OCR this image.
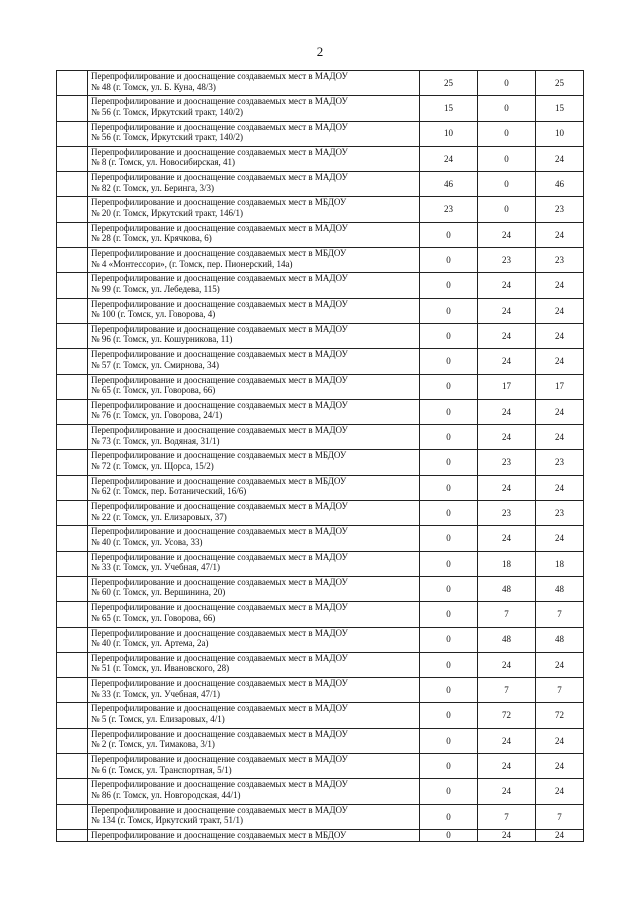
2

	Перепрофилирование и дооснащение создаваемых мест в МАДОУ
№ 48 (г. Томск, ул. Б. Куна, 48/3)	25	0	25

	Перепрофилирование и дооснащение создаваемых мест в МАДОУ
№ 56 (г. Томск, Иркутский тракт, 140/2)	15	0	15

	Перепрофилирование и дооснащение создаваемых мест в МАДОУ
№ 56 (г. Томск, Иркутский тракт, 140/2)	10	0	10

	Перепрофилирование и дооснащение создаваемых мест в МАДОУ
№ 8 (г. Томск, ул. Новосибирская, 41)	24	0	24

	Перепрофилирование и дооснащение создаваемых мест в МАДОУ
№ 82 (г. Томск, ул. Беринга, 3/3)	46	0	46

	Перепрофилирование и дооснащение создаваемых мест в МБДОУ
№ 20 (г. Томск, Иркутский тракт, 146/1)	23	0	23

	Перепрофилирование и дооснащение создаваемых мест в МАДОУ
№ 28 (г. Томск, ул. Крячкова, 6)	0	24	24

	Перепрофилирование и дооснащение создаваемых мест в МБДОУ
№ 4 «Монтессори», (г. Томск, пер. Пионерский, 14а)	0	23	23

	Перепрофилирование и дооснащение создаваемых мест в МАДОУ
№ 99 (г. Томск, ул. Лебедева, 115)	0	24	24

	Перепрофилирование и дооснащение создаваемых мест в МАДОУ
№ 100 (г. Томск, ул. Говорова, 4)	0	24	24

	Перепрофилирование и дооснащение создаваемых мест в МАДОУ
№ 96 (г. Томск, ул. Кошурникова, 11)	0	24	24

	Перепрофилирование и дооснащение создаваемых мест в МАДОУ
№ 57 (г. Томск, ул. Смирнова, 34)	0	24	24

	Перепрофилирование и дооснащение создаваемых мест в МАДОУ
№ 65 (г. Томск, ул. Говорова, 66)	0	17	17

	Перепрофилирование и дооснащение создаваемых мест в МАДОУ
№ 76 (г. Томск, ул. Говорова, 24/1)	0	24	24

	Перепрофилирование и дооснащение создаваемых мест в МАДОУ
№ 73 (г. Томск, ул. Водяная, 31/1)	0	24	24

	Перепрофилирование и дооснащение создаваемых мест в МБДОУ
№ 72 (г. Томск, ул. Щорса, 15/2)	0	23	23

	Перепрофилирование и дооснащение создаваемых мест в МБДОУ
№ 62 (г. Томск, пер. Ботанический, 16/6)	0	24	24

	Перепрофилирование и дооснащение создаваемых мест в МАДОУ
№ 22 (г. Томск, ул. Елизаровых, 37)	0	23	23

	Перепрофилирование и дооснащение создаваемых мест в МАДОУ
№ 40 (г. Томск, ул. Усова, 33)	0	24	24

	Перепрофилирование и дооснащение создаваемых мест в МАДОУ
№ 33 (г. Томск, ул. Учебная, 47/1)	0	18	18

	Перепрофилирование и дооснащение создаваемых мест в МАДОУ
№ 60 (г. Томск, ул. Вершинина, 20)	0	48	48

	Перепрофилирование и дооснащение создаваемых мест в МАДОУ
№ 65 (г. Томск, ул. Говорова, 66)	0	7	7

	Перепрофилирование и дооснащение создаваемых мест в МАДОУ
№ 40 (г. Томск, ул. Артема, 2а)	0	48	48

	Перепрофилирование и дооснащение создаваемых мест в МАДОУ
№ 51 (г. Томск, ул. Ивановского, 28)	0	24	24

	Перепрофилирование и дооснащение создаваемых мест в МАДОУ
№ 33 (г. Томск, ул. Учебная, 47/1)	0	7	7

	Перепрофилирование и дооснащение создаваемых мест в МАДОУ
№ 5 (г. Томск, ул. Елизаровых, 4/1)	0	72	72

	Перепрофилирование и дооснащение создаваемых мест в МАДОУ
№ 2 (г. Томск, ул. Тимакова, 3/1)	0	24	24

	Перепрофилирование и дооснащение создаваемых мест в МАДОУ
№ 6 (г. Томск, ул. Транспортная, 5/1)	0	24	24

	Перепрофилирование и дооснащение создаваемых мест в МАДОУ
№ 86 (г. Томск, ул. Новгородская, 44/1)	0	24	24

	Перепрофилирование и дооснащение создаваемых мест в МАДОУ
№ 134 (г. Томск, Иркутский тракт, 51/1)	0	7	7

	Перепрофилирование и дооснащение создаваемых мест в МБДОУ	0	24	24
